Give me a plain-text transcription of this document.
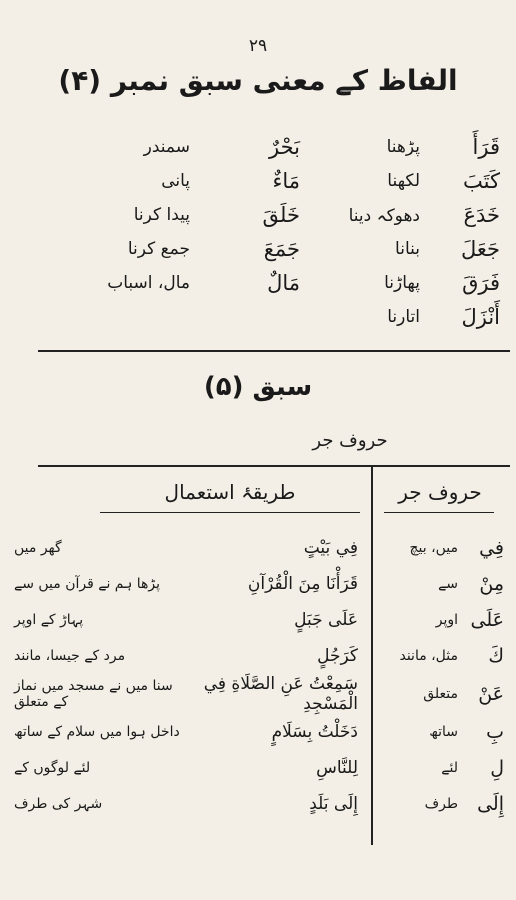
۲۹
الفاظ کے معنی سبق نمبر (۴)
قَرَأَ	پڑھنا	بَحْرٌ	سمندر
كَتَبَ	لکھنا	مَاءٌ	پانی
خَدَعَ	دھوکہ دینا	خَلَقَ	پیدا کرنا
جَعَلَ	بنانا	جَمَعَ	جمع کرنا
فَرَقَ	پھاڑنا	مَالٌ	مال، اسباب
أَنْزَلَ	اتارنا		
سبق (۵)
حروف جر
حروف جر
طریقۂ استعمال
فِي	میں، بیچ	فِي بَيْتٍ	گھر میں
مِنْ	سے	قَرَأْنَا مِنَ الْقُرْآنِ	پڑھا ہم نے قرآن میں سے
عَلَى	اوپر	عَلَى جَبَلٍ	پہاڑ کے اوپر
كَ	مثل، مانند	كَرَجُلٍ	مرد کے جیسا، مانند
عَنْ	متعلق	سَمِعْتُ عَنِ الصَّلَاةِ فِي الْمَسْجِدِ	سنا میں نے مسجد میں نماز کے متعلق
بِ	ساتھ	دَخَلْتُ بِسَلَامٍ	داخل ہوا میں سلام کے ساتھ
لِ	لئے	لِلنَّاسِ	لئے لوگوں کے
إِلَى	طرف	إِلَى بَلَدٍ	شہر کی طرف
